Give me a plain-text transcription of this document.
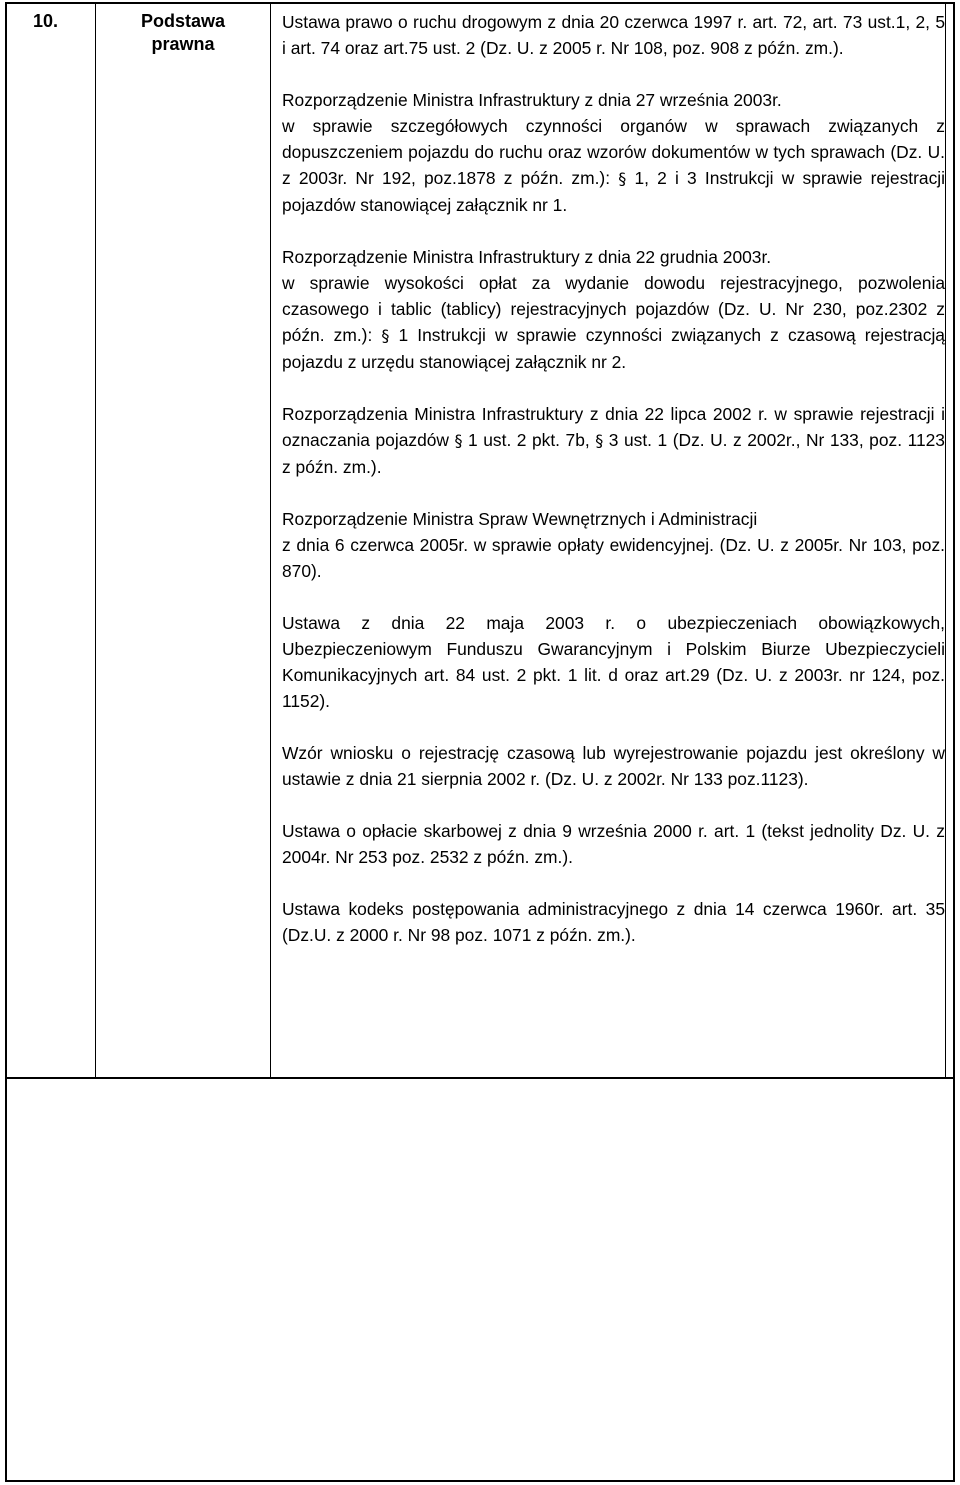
10.	Podstawa
prawna

Ustawa prawo o ruchu drogowym z dnia 20 czerwca 1997 r. art. 72, art. 73 ust.1, 2, 5 i art. 74 oraz art.75 ust. 2 (Dz. U. z 2005 r. Nr 108, poz. 908 z późn. zm.).

Rozporządzenie Ministra Infrastruktury z dnia 27 września 2003r.
w sprawie szczegółowych czynności organów w sprawach związanych z dopuszczeniem pojazdu do ruchu oraz wzorów dokumentów w tych sprawach (Dz. U. z 2003r. Nr 192, poz.1878 z późn. zm.): § 1, 2 i 3 Instrukcji w sprawie rejestracji pojazdów stanowiącej załącznik nr 1.

Rozporządzenie Ministra Infrastruktury z dnia 22 grudnia 2003r.
w sprawie wysokości opłat za wydanie dowodu rejestracyjnego, pozwolenia czasowego i tablic (tablicy) rejestracyjnych pojazdów (Dz. U. Nr 230, poz.2302 z późn. zm.): § 1 Instrukcji w sprawie czynności związanych z czasową rejestracją pojazdu z urzędu stanowiącej załącznik nr 2.

Rozporządzenia Ministra Infrastruktury z dnia 22 lipca 2002 r. w sprawie rejestracji i oznaczania pojazdów § 1 ust. 2 pkt. 7b, § 3 ust. 1 (Dz. U. z 2002r., Nr 133, poz. 1123 z późn. zm.).

Rozporządzenie Ministra Spraw Wewnętrznych i Administracji
z dnia 6 czerwca 2005r. w sprawie opłaty ewidencyjnej. (Dz. U. z 2005r. Nr 103, poz. 870).

Ustawa z dnia 22 maja 2003 r. o ubezpieczeniach obowiązkowych, Ubezpieczeniowym Funduszu Gwarancyjnym i Polskim Biurze Ubezpieczycieli Komunikacyjnych art. 84 ust. 2 pkt. 1 lit. d oraz art.29 (Dz. U. z 2003r. nr 124, poz. 1152).

Wzór wniosku o rejestrację czasową lub wyrejestrowanie pojazdu jest określony w ustawie z dnia 21 sierpnia 2002 r. (Dz. U. z 2002r. Nr 133 poz.1123).

Ustawa o opłacie skarbowej z dnia 9 września 2000 r. art. 1 (tekst jednolity Dz. U. z 2004r. Nr 253 poz. 2532 z późn. zm.).

Ustawa kodeks postępowania administracyjnego z dnia 14 czerwca 1960r. art. 35 (Dz.U. z 2000 r. Nr 98 poz. 1071 z późn. zm.).
